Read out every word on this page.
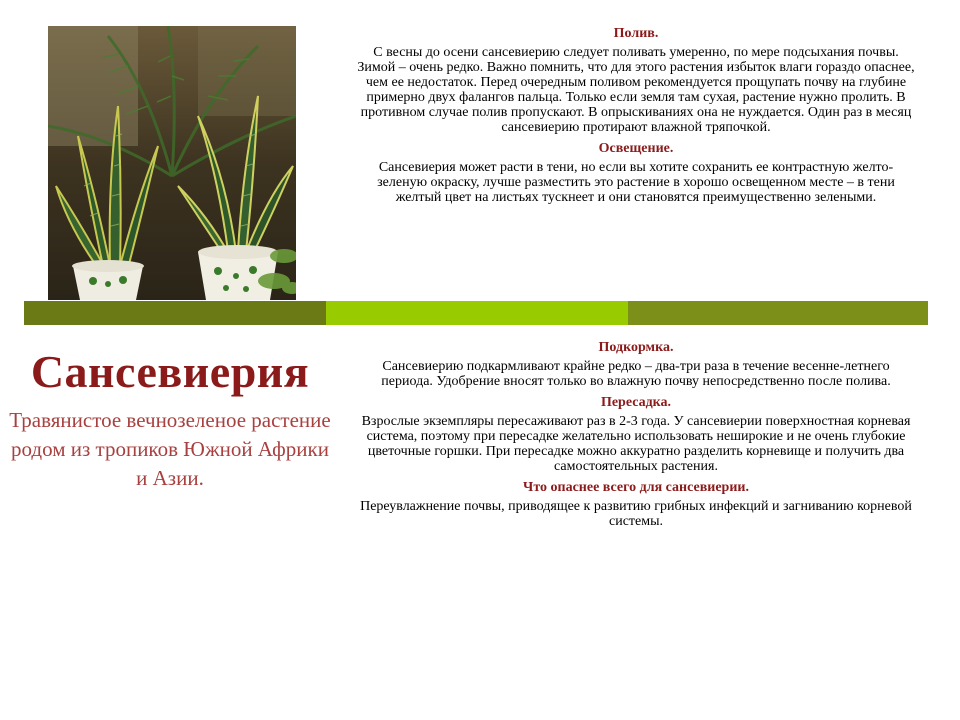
Сансевиерия

Травянистое вечнозеленое растение родом из тропиков Южной Африки и Азии.

Полив.

С весны до осени сансевиерию следует поливать умеренно, по мере подсыхания почвы. Зимой – очень редко. Важно помнить, что для этого растения избыток влаги гораздо опаснее, чем ее недостаток. Перед очередным поливом рекомендуется прощупать почву на глубине примерно двух фалангов пальца. Только если земля там сухая, растение нужно пролить. В противном случае полив пропускают. В опрыскиваниях она не нуждается. Один раз в месяц сансевиерию протирают влажной тряпочкой.

Освещение.

Сансевиерия может расти в тени, но если вы хотите сохранить ее контрастную желто-зеленую окраску, лучше разместить это растение в хорошо освещенном месте – в тени желтый цвет на листьях тускнеет и они становятся преимущественно зелеными.

Подкормка.

Сансевиерию подкармливают крайне редко – два-три раза в течение весенне-летнего периода. Удобрение вносят только во влажную почву непосредственно после полива.

Пересадка.

Взрослые экземпляры пересаживают раз в 2-3 года. У сансевиерии поверхностная корневая система, поэтому при пересадке желательно использовать неширокие и не очень глубокие цветочные горшки. При пересадке можно аккуратно разделить корневище и получить два самостоятельных растения.

Что опаснее всего для сансевиерии.

Переувлажнение почвы, приводящее к развитию грибных инфекций и загниванию корневой системы.
